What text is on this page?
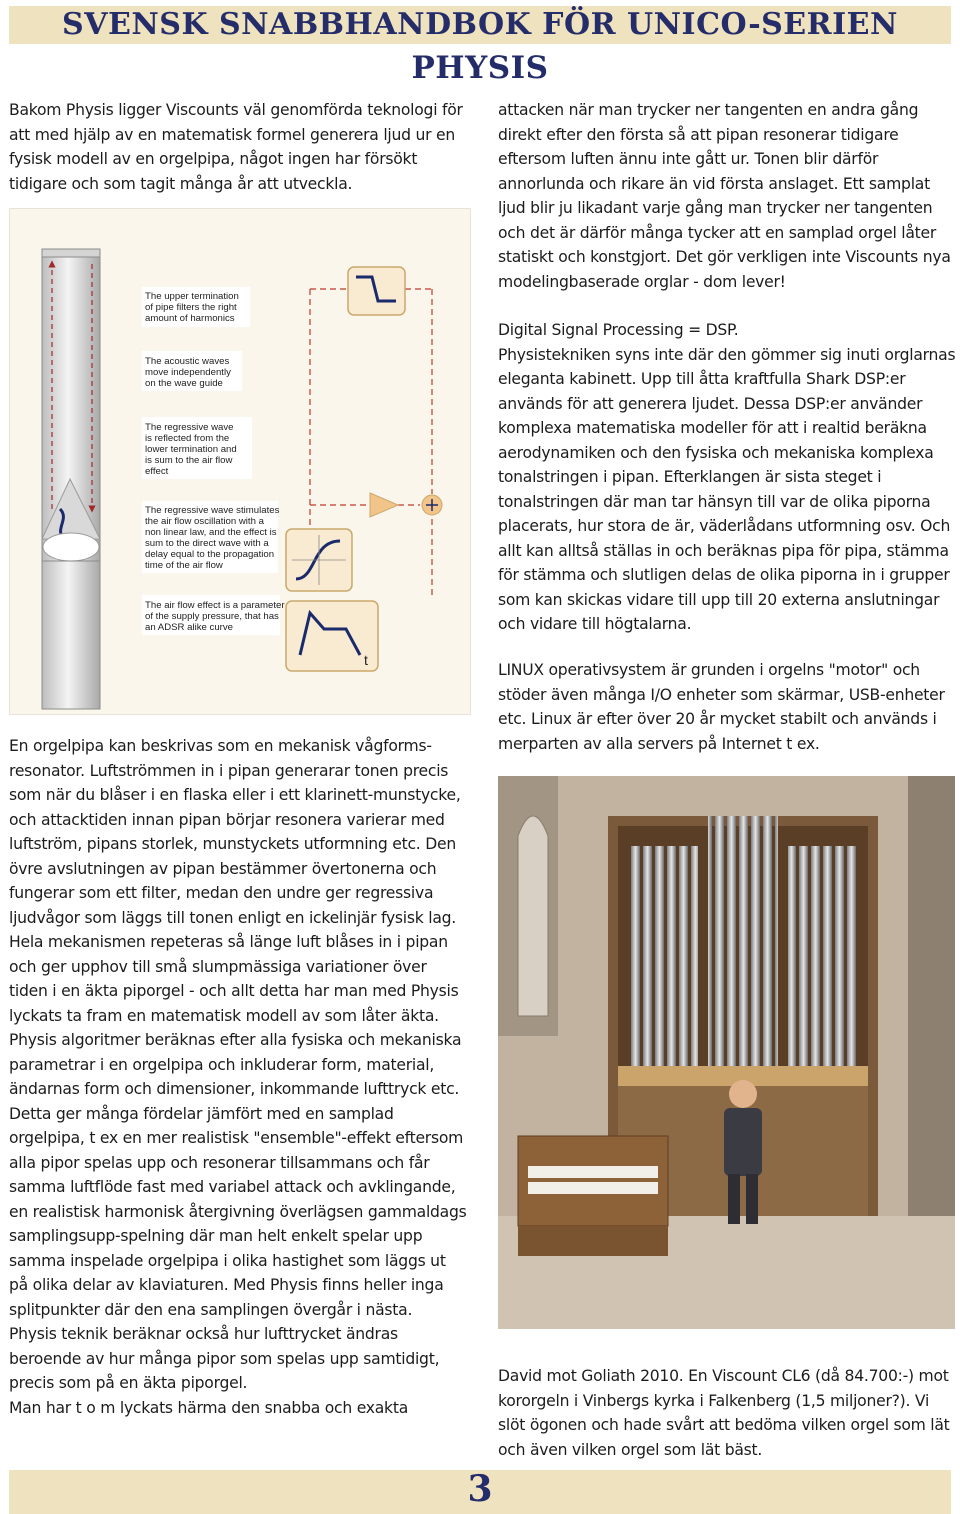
SVENSK SNABBHANDBOK FÖR UNICO-SERIEN
PHYSIS

Bakom Physis ligger Viscounts väl genomförda teknologi för att med hjälp av en matematisk formel generera ljud ur en fysisk modell av en orgelpipa, något ingen har försökt tidigare och som tagit många år att utveckla.

The upper termination of pipe filters the right amount of harmonics
The acoustic waves move independently on the wave guide
The regressive wave is reflected from the lower termination and is sum to the air flow effect
The regressive wave stimulates the air flow oscillation with a non linear law, and the effect is sum to the direct wave with a delay equal to the propagation time of the air flow
The air flow effect is a parameter of the supply pressure, that has an ADSR alike curve
t

En orgelpipa kan beskrivas som en mekanisk vågforms-resonator. Luftströmmen in i pipan generarar tonen precis som när du blåser i en flaska eller i ett klarinett-munstycke, och attacktiden innan pipan börjar resonera varierar med luftström, pipans storlek, munstyckets utformning etc. Den övre avslutningen av pipan bestämmer övertonerna och fungerar som ett filter, medan den undre ger regressiva ljudvågor som läggs till tonen enligt en ickelinjär fysisk lag. Hela mekanismen repeteras så länge luft blåses in i pipan och ger upphov till små slumpmässiga variationer över tiden i en äkta piporgel - och allt detta har man med Physis lyckats ta fram en matematisk modell av som låter äkta.

Physis algoritmer beräknas efter alla fysiska och mekaniska parametrar i en orgelpipa och inkluderar form, material, ändarnas form och dimensioner, inkommande lufttryck etc. Detta ger många fördelar jämfört med en samplad orgelpipa, t ex en mer realistisk "ensemble"-effekt eftersom alla pipor spelas upp och resonerar tillsammans och får samma luftflöde fast med variabel attack och avklingande, en realistisk harmonisk återgivning överlägsen gammaldags samplingsupp-spelning där man helt enkelt spelar upp samma inspelade orgelpipa i olika hastighet som läggs ut på olika delar av klaviaturen. Med Physis finns heller inga splitpunkter där den ena samplingen övergår i nästa.

Physis teknik beräknar också hur lufttrycket ändras beroende av hur många pipor som spelas upp samtidigt, precis som på en äkta piporgel.

Man har t o m lyckats härma den snabba och exakta

attacken när man trycker ner tangenten en andra gång direkt efter den första så att pipan resonerar tidigare eftersom luften ännu inte gått ur. Tonen blir därför annorlunda och rikare än vid första anslaget. Ett samplat ljud blir ju likadant varje gång man trycker ner tangenten och det är därför många tycker att en samplad orgel låter statiskt och konstgjort. Det gör verkligen inte Viscounts nya modelingbaserade orglar - dom lever!

Digital Signal Processing = DSP.

Physistekniken syns inte där den gömmer sig inuti orglarnas eleganta kabinett. Upp till åtta kraftfulla Shark DSP:er används för att generera ljudet. Dessa DSP:er använder komplexa matematiska modeller för att i realtid beräkna aerodynamiken och den fysiska och mekaniska komplexa tonalstringen i pipan. Efterklangen är sista steget i tonalstringen där man tar hänsyn till var de olika piporna placerats, hur stora de är, väderlådans utformning osv. Och allt kan alltså ställas in och beräknas pipa för pipa, stämma för stämma och slutligen delas de olika piporna in i grupper som kan skickas vidare till upp till 20 externa anslutningar och vidare till högtalarna.

LINUX operativsystem är grunden i orgelns "motor" och stöder även många I/O enheter som skärmar, USB-enheter etc. Linux är efter över 20 år mycket stabilt och används i merparten av alla servers på Internet t ex.

David mot Goliath 2010. En Viscount CL6 (då 84.700:-) mot kororgeln i Vinbergs kyrka i Falkenberg (1,5 miljoner?). Vi slöt ögonen och hade svårt att bedöma vilken orgel som lät och även vilken orgel som lät bäst.

3
